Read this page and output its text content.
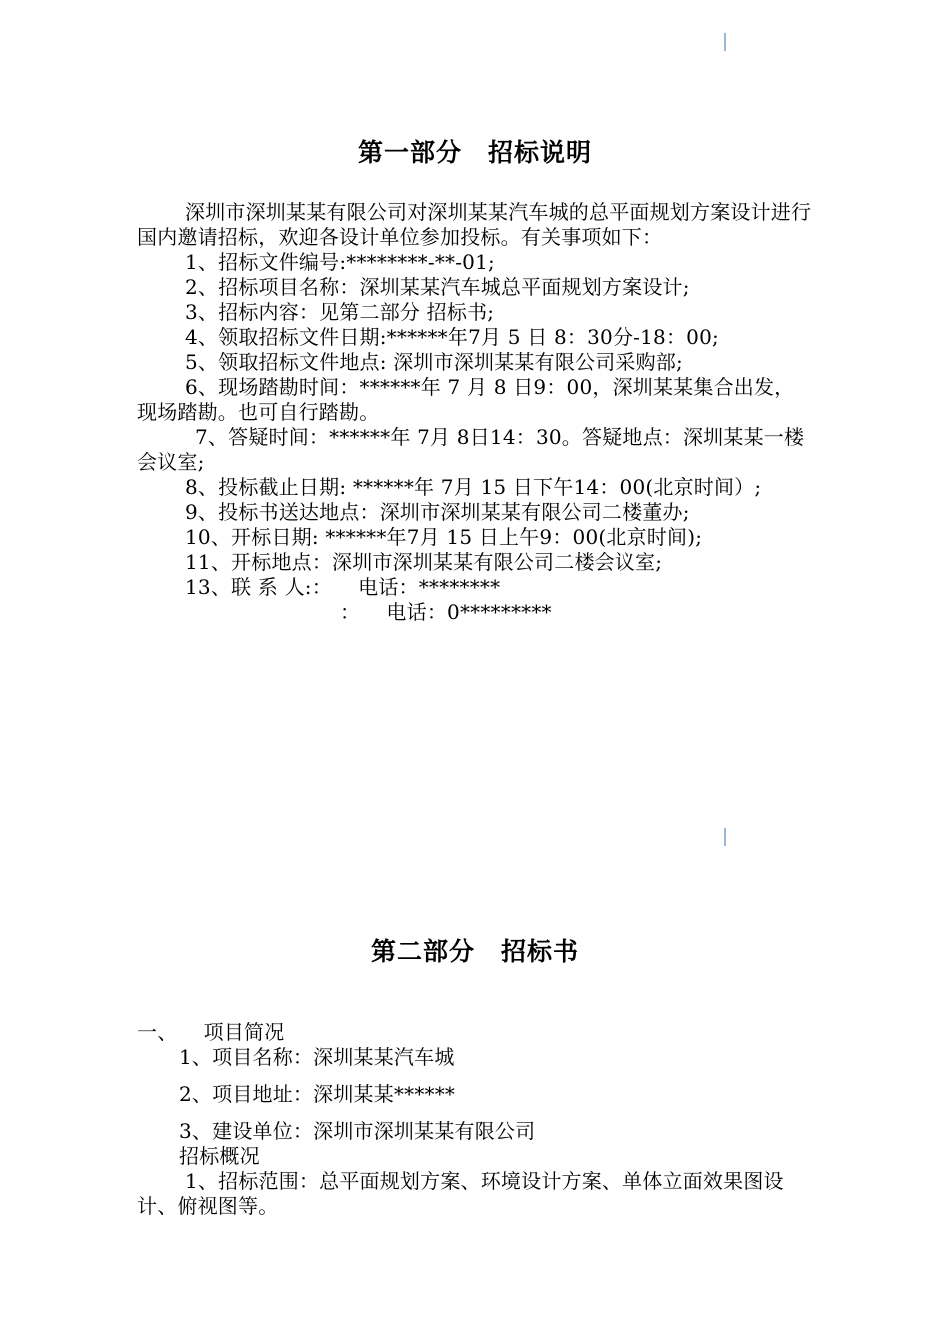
第一部分　招标说明
深圳市深圳某某有限公司对深圳某某汽车城的总平面规划方案设计进行国内邀请招标，欢迎各设计单位参加投标。有关事项如下：
1、招标文件编号:********-**-01;
2、招标项目名称：深圳某某汽车城总平面规划方案设计;
3、招标内容：见第二部分 招标书;
4、领取招标文件日期:******年7月 5 日 8：30分-18：00;
5、领取招标文件地点: 深圳市深圳某某有限公司采购部;
6、现场踏勘时间：******年 7 月 8 日9：00，深圳某某集合出发，现场踏勘。也可自行踏勘。
7、答疑时间：******年 7月 8日14：30。答疑地点：深圳某某一楼会议室;
8、投标截止日期: ******年 7月 15 日下午14：00(北京时间）;
9、投标书送达地点：深圳市深圳某某有限公司二楼董办;
10、开标日期: ******年7月 15 日上午9：00(北京时间);
11、开标地点：深圳市深圳某某有限公司二楼会议室;
13、联 系 人:：    电话：********
：    电话：0*********
第二部分　招标书
一、    项目简况
1、项目名称：深圳某某汽车城
2、项目地址：深圳某某******
3、建设单位：深圳市深圳某某有限公司
招标概况
1、招标范围：总平面规划方案、环境设计方案、单体立面效果图设计、俯视图等。
